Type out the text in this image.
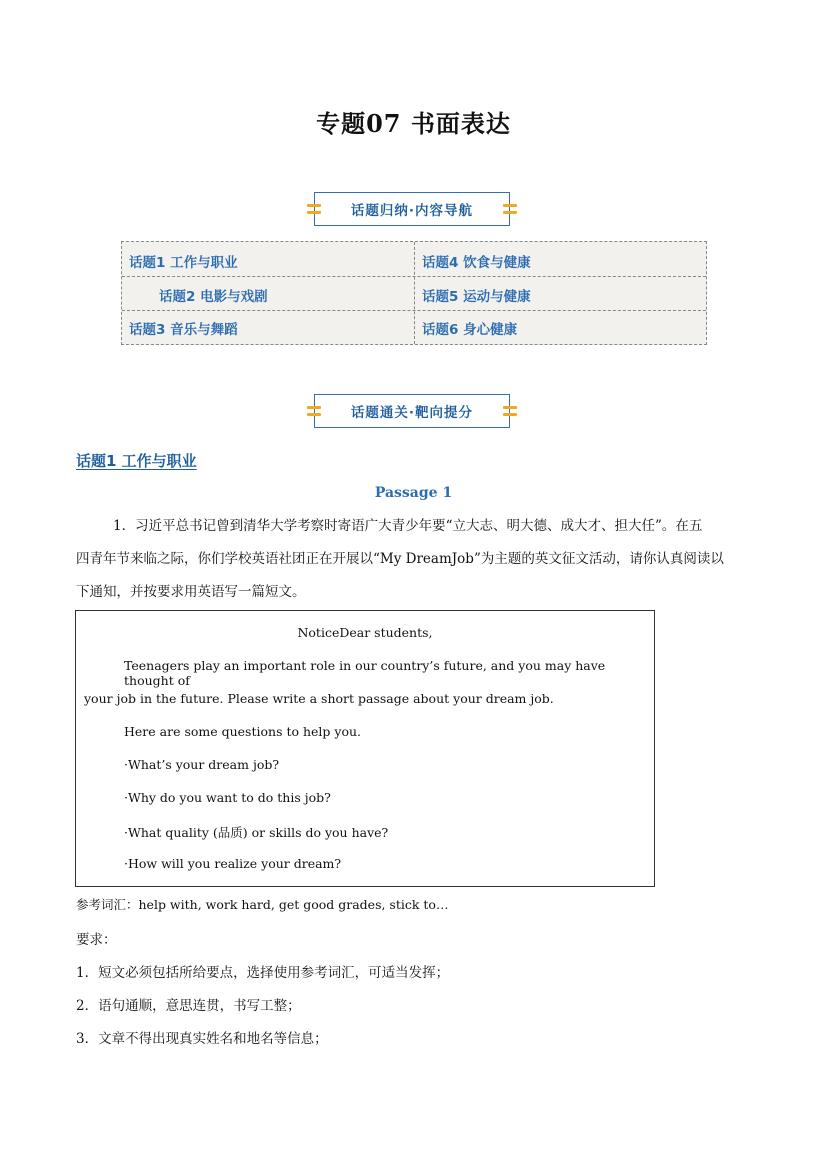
专题07 书面表达
话题归纳·内容导航
话题1 工作与职业
话题2 电影与戏剧
话题3 音乐与舞蹈
话题4 饮食与健康
话题5 运动与健康
话题6 身心健康
话题通关·靶向提分
话题1 工作与职业
Passage 1
1．习近平总书记曾到清华大学考察时寄语广大青少年要“立大志、明大德、成大才、担大任”。在五
四青年节来临之际，你们学校英语社团正在开展以“My DreamJob”为主题的英文征文活动，请你认真阅读以
下通知，并按要求用英语写一篇短文。
NoticeDear students,
Teenagers play an important role in our country’s future, and you may have thought of
your job in the future. Please write a short passage about your dream job.
Here are some questions to help you.
·What’s your dream job?
·Why do you want to do this job?
·What quality (品质) or skills do you have?
·How will you realize your dream?
参考词汇：help with, work hard, get good grades, stick to…
要求：
1．短文必须包括所给要点，选择使用参考词汇，可适当发挥；
2．语句通顺，意思连贯，书写工整；
3．文章不得出现真实姓名和地名等信息；
